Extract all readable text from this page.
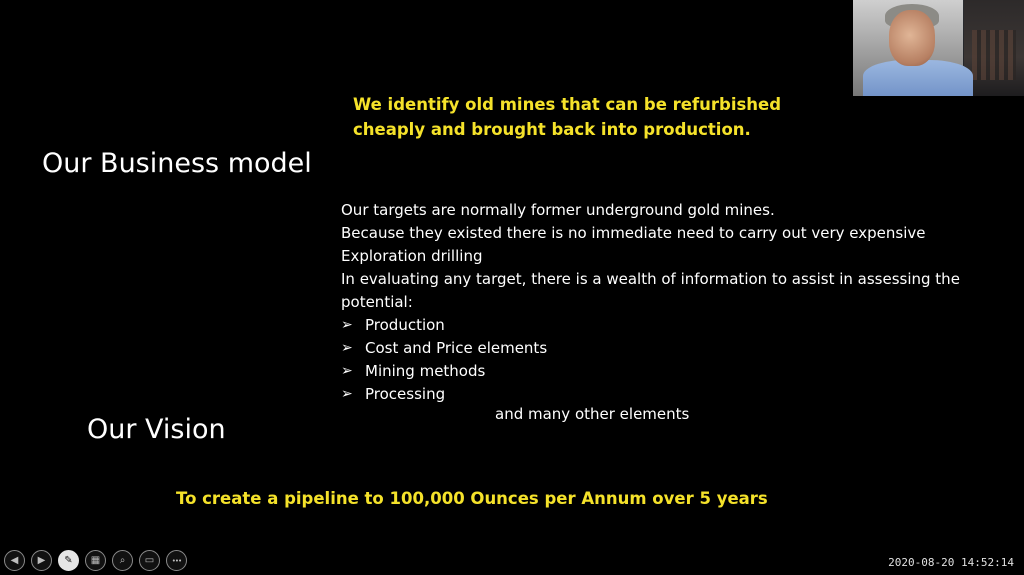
We identify old mines that can be refurbished
cheaply and brought back into production.
Our Business model

Our targets are normally former underground gold mines.

Because they existed there is no immediate need to carry out very expensive

Exploration drilling

In evaluating any target, there is a wealth of information to assist in assessing the

potential:

➢ Production
➢ Cost and Price elements
➢ Mining methods
➢ Processing
and many other elements
Our Vision
To create a pipeline to 100,000 Ounces per Annum over 5 years
◀ ▶ ✎ ▦ ⌕ ▭	•••	2020-08-20 14:52:14
